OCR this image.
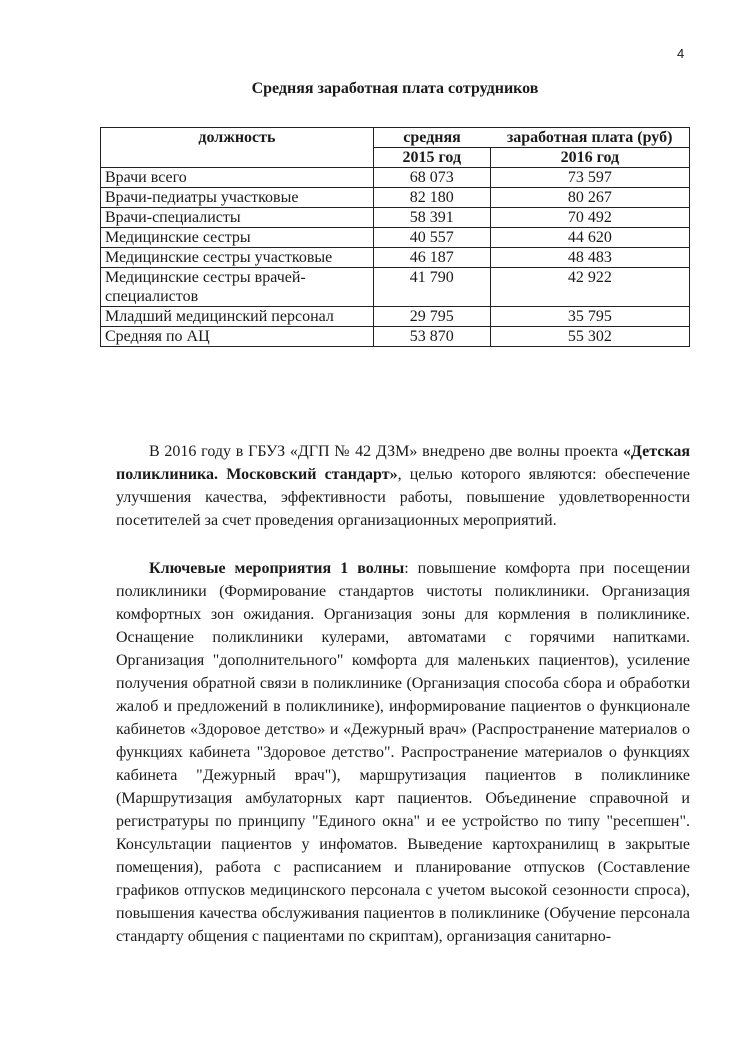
4
Средняя заработная плата сотрудников
должность	средняя	заработная плата (руб)
	2015 год	2016 год
Врачи всего	68 073	73 597
Врачи-педиатры участковые	82 180	80 267
Врачи-специалисты	58 391	70 492
Медицинские сестры	40 557	44 620
Медицинские сестры участковые	46 187	48 483
Медицинские сестры врачей-специалистов	41 790	42 922
Младший медицинский персонал	29 795	35 795
Средняя по АЦ	53 870	55 302
В 2016 году в ГБУЗ «ДГП № 42 ДЗМ» внедрено две волны проекта «Детская поликлиника. Московский стандарт», целью которого являются: обеспечение улучшения качества, эффективности работы, повышение удовлетворенности посетителей за счет проведения организационных мероприятий.
Ключевые мероприятия 1 волны: повышение комфорта при посещении поликлиники (Формирование стандартов чистоты поликлиники. Организация комфортных зон ожидания. Организация зоны для кормления в поликлинике. Оснащение поликлиники кулерами, автоматами с горячими напитками. Организация "дополнительного" комфорта для маленьких пациентов), усиление получения обратной связи в поликлинике (Организация способа сбора и обработки жалоб и предложений в поликлинике), информирование пациентов о функционале кабинетов «Здоровое детство» и «Дежурный врач» (Распространение материалов о функциях кабинета "Здоровое детство". Распространение материалов о функциях кабинета "Дежурный врач"), маршрутизация пациентов в поликлинике (Маршрутизация амбулаторных карт пациентов. Объединение справочной и регистратуры по принципу "Единого окна" и ее устройство по типу "ресепшен". Консультации пациентов у инфоматов. Выведение картохранилищ в закрытые помещения), работа с расписанием и планирование отпусков (Составление графиков отпусков медицинского персонала с учетом высокой сезонности спроса), повышения качества обслуживания пациентов в поликлинике (Обучение персонала стандарту общения с пациентами по скриптам), организация санитарно-
